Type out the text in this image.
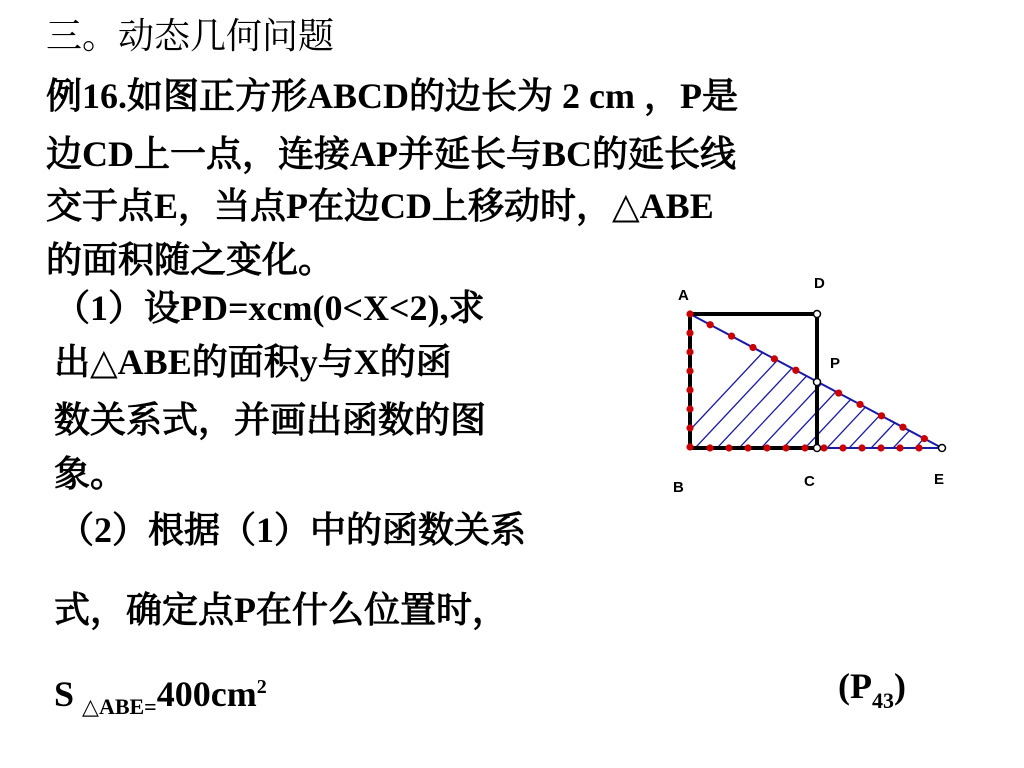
三。动态几何问题
例16.如图正方形ABCD的边长为 2 cm ，P是
边CD上一点，连接AP并延长与BC的延长线
交于点E，当点P在边CD上移动时，△ABE
的面积随之变化。
（1）设PD=xcm(0<X<2),求
出△ABE的面积y与X的函
数关系式，并画出函数的图
象。
（2）根据（1）中的函数关系
式，确定点P在什么位置时，
S $_{\triangle ABE=}400cm^2$	$(P_{43})$
A
D
P
B	C	E
